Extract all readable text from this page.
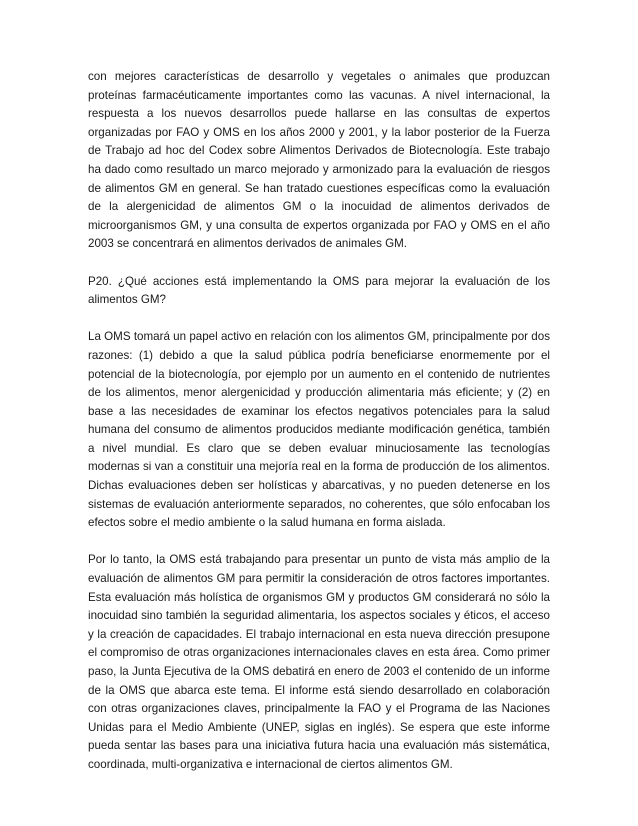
con mejores características de desarrollo y vegetales o animales que produzcan proteínas farmacéuticamente importantes como las vacunas. A nivel internacional, la respuesta a los nuevos desarrollos puede hallarse en las consultas de expertos organizadas por FAO y OMS en los años 2000 y 2001, y la labor posterior de la Fuerza de Trabajo ad hoc del Codex sobre Alimentos Derivados de Biotecnología. Este trabajo ha dado como resultado un marco mejorado y armonizado para la evaluación de riesgos de alimentos GM en general. Se han tratado cuestiones específicas como la evaluación de la alergenicidad de alimentos GM o la inocuidad de alimentos derivados de microorganismos GM, y una consulta de expertos organizada por FAO y OMS en el año 2003 se concentrará en alimentos derivados de animales GM.

P20. ¿Qué acciones está implementando la OMS para mejorar la evaluación de los alimentos GM?

La OMS tomará un papel activo en relación con los alimentos GM, principalmente por dos razones: (1) debido a que la salud pública podría beneficiarse enormemente por el potencial de la biotecnología, por ejemplo por un aumento en el contenido de nutrientes de los alimentos, menor alergenicidad y producción alimentaria más eficiente; y (2) en base a las necesidades de examinar los efectos negativos potenciales para la salud humana del consumo de alimentos producidos mediante modificación genética, también a nivel mundial. Es claro que se deben evaluar minuciosamente las tecnologías modernas si van a constituir una mejoría real en la forma de producción de los alimentos. Dichas evaluaciones deben ser holísticas y abarcativas, y no pueden detenerse en los sistemas de evaluación anteriormente separados, no coherentes, que sólo enfocaban los efectos sobre el medio ambiente o la salud humana en forma aislada.

Por lo tanto, la OMS está trabajando para presentar un punto de vista más amplio de la evaluación de alimentos GM para permitir la consideración de otros factores importantes. Esta evaluación más holística de organismos GM y productos GM considerará no sólo la inocuidad sino también la seguridad alimentaria, los aspectos sociales y éticos, el acceso y la creación de capacidades. El trabajo internacional en esta nueva dirección presupone el compromiso de otras organizaciones internacionales claves en esta área. Como primer paso, la Junta Ejecutiva de la OMS debatirá en enero de 2003 el contenido de un informe de la OMS que abarca este tema. El informe está siendo desarrollado en colaboración con otras organizaciones claves, principalmente la FAO y el Programa de las Naciones Unidas para el Medio Ambiente (UNEP, siglas en inglés). Se espera que este informe pueda sentar las bases para una iniciativa futura hacia una evaluación más sistemática, coordinada, multi-organizativa e internacional de ciertos alimentos GM.
